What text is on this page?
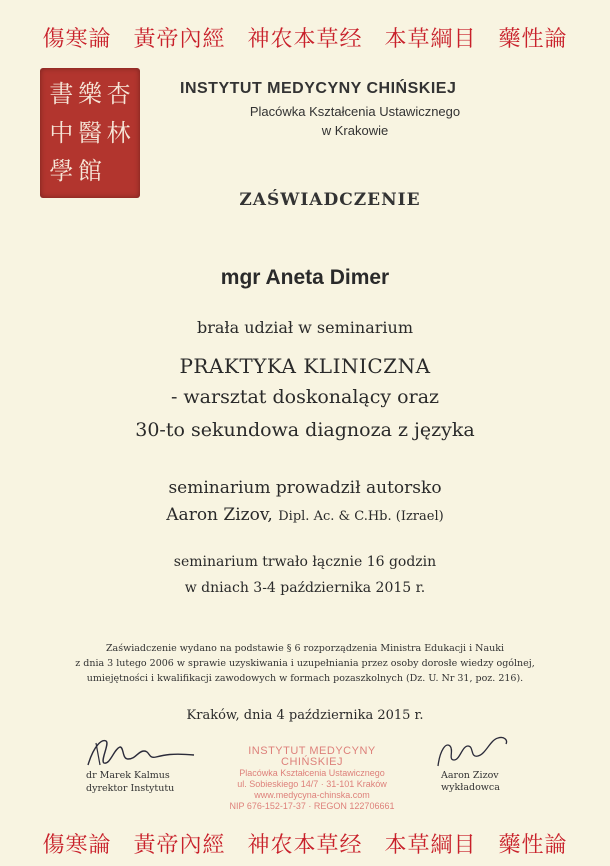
傷寒論 黃帝內經 神农本草经 本草綱目 藥性論
書 樂 杏
中 醫 林
學 館
INSTYTUT MEDYCYNY CHIŃSKIEJ
Placówka Kształcenia Ustawicznego
w Krakowie
ZAŚWIADCZENIE
mgr Aneta Dimer
brała udział w seminarium
PRAKTYKA KLINICZNA
- warsztat doskonalący oraz
30-to sekundowa diagnoza z języka
seminarium prowadził autorsko
Aaron Zizov, Dipl. Ac. & C.Hb. (Izrael)
seminarium trwało łącznie 16 godzin
w dniach 3-4 października 2015 r.
Zaświadczenie wydano na podstawie § 6 rozporządzenia Ministra Edukacji i Nauki
z dnia 3 lutego 2006 w sprawie uzyskiwania i uzupełniania przez osoby dorosłe wiedzy ogólnej,
umiejętności i kwalifikacji zawodowych w formach pozaszkolnych (Dz. U. Nr 31, poz. 216).
Kraków, dnia 4 października 2015 r.
dr Marek Kalmus
dyrektor Instytutu
INSTYTUT MEDYCYNY CHIŃSKIEJ
Placówka Kształcenia Ustawicznego
ul. Sobieskiego 14/7 · 31-101 Kraków
www.medycyna-chinska.com
NIP 676-152-17-37 · REGON 122706661
Aaron Zizov
wykładowca
傷寒論 黃帝內經 神农本草经 本草綱目 藥性論
